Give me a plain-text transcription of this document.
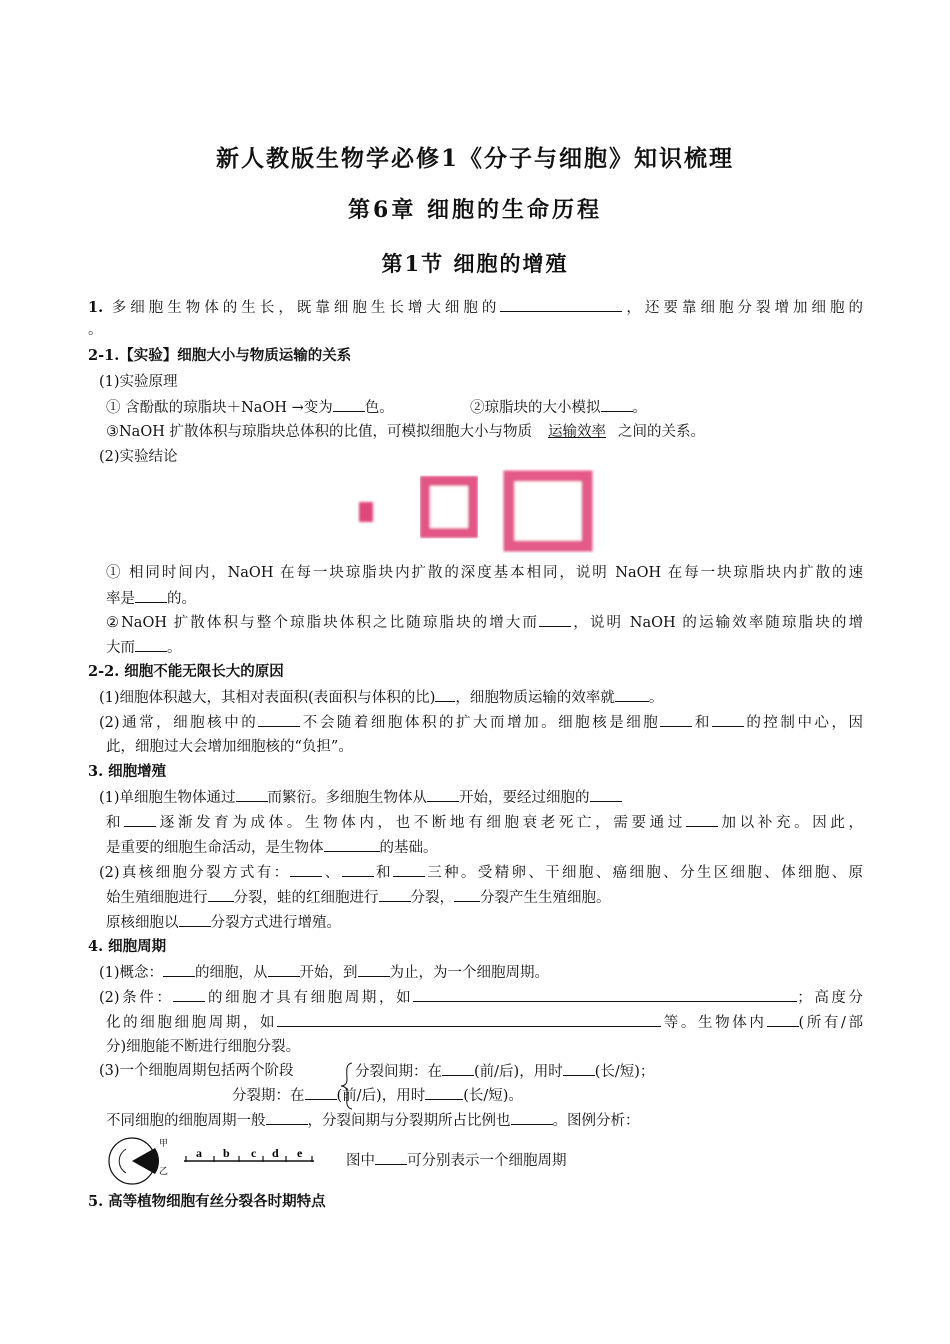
新人教版生物学必修1《分子与细胞》知识梳理
第6章 细胞的生命历程
第1节 细胞的增殖
1. 多细胞生物体的生长，既靠细胞生长增大细胞的	，还要靠细胞分裂增加细胞的
。
2-1.【实验】细胞大小与物质运输的关系
(1)实验原理
① 含酚酞的琼脂块＋NaOH →变为 色。	②琼脂块的大小模拟 。
③NaOH 扩散体积与琼脂块总体积的比值，可模拟细胞大小与物质 运输效率 之间的关系。
(2)实验结论
① 相同时间内，NaOH 在每一块琼脂块内扩散的深度基本相同，说明 NaOH 在每一块琼脂块内扩散的速
率是 的。
②NaOH 扩散体积与整个琼脂块体积之比随琼脂块的增大而 ，说明 NaOH 的运输效率随琼脂块的增
大而 。
2-2. 细胞不能无限长大的原因
(1)细胞体积越大，其相对表面积(表面积与体积的比) ，细胞物质运输的效率就 。
(2)通常，细胞核中的	不会随着细胞体积的扩大而增加。细胞核是细胞 和 的控制中心，因
此，细胞过大会增加细胞核的“负担”。
3. 细胞增殖
(1)单细胞生物体通过 而繁衍。多细胞生物体从 开始，要经过细胞的
和 逐渐发育为成体。生物体内，也不断地有细胞衰老死亡，需要通过 加以补充。因此，
是重要的细胞生命活动，是生物体	的基础。
(2)真核细胞分裂方式有： 、 和 三种。受精卵、干细胞、癌细胞、分生区细胞、体细胞、原
始生殖细胞进行 分裂，蛙的红细胞进行 分裂， 分裂产生生殖细胞。
原核细胞以 分裂方式进行增殖。
4. 细胞周期
(1)概念： 的细胞，从 开始，到 为止，为一个细胞周期。
(2)条件： 的细胞才具有细胞周期，如	；高度分
化的细胞细胞周期，如	等。生物体内 (所有/部
分)细胞能不断进行细胞分裂。
(3)一个细胞周期包括两个阶段	分裂间期：在 (前/后)，用时 (长/短)；
分裂期：在 (前/后)，用时	(长/短)。
不同细胞的细胞周期一般	，分裂间期与分裂期所占比例也	。图例分析：
甲
乙
a b c d e	图中 可分别表示一个细胞周期
5. 高等植物细胞有丝分裂各时期特点
